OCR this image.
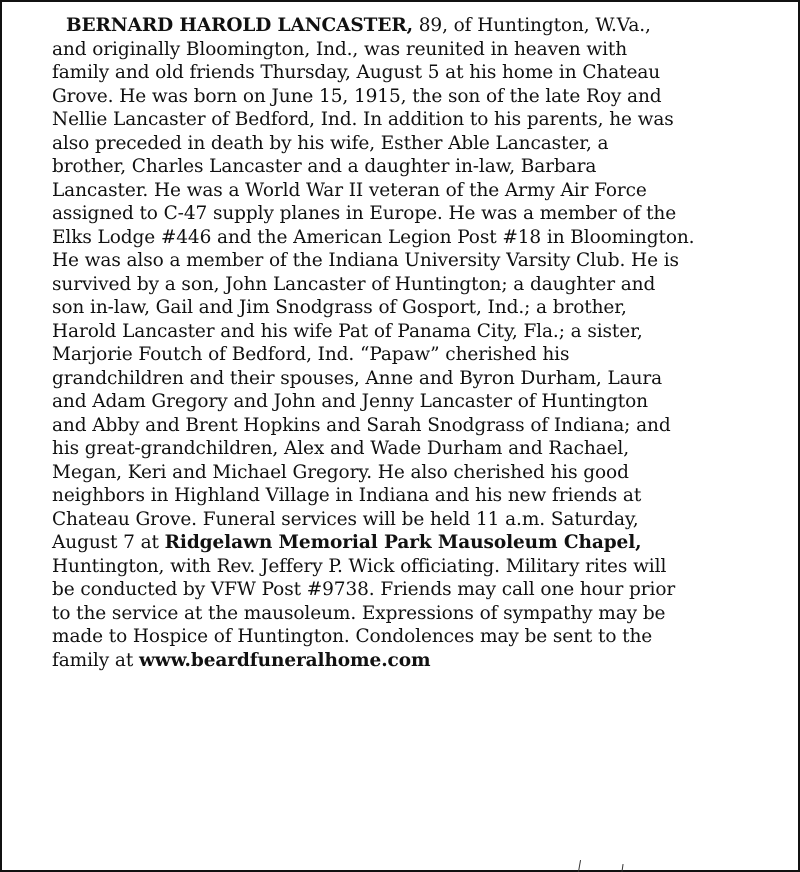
BERNARD HAROLD LANCASTER, 89, of Huntington, W.Va.,
and originally Bloomington, Ind., was reunited in heaven with
family and old friends Thursday, August 5 at his home in Chateau
Grove. He was born on June 15, 1915, the son of the late Roy and
Nellie Lancaster of Bedford, Ind. In addition to his parents, he was
also preceded in death by his wife, Esther Able Lancaster, a
brother, Charles Lancaster and a daughter in-law, Barbara
Lancaster. He was a World War II veteran of the Army Air Force
assigned to C-47 supply planes in Europe. He was a member of the
Elks Lodge #446 and the American Legion Post #18 in Bloomington.
He was also a member of the Indiana University Varsity Club. He is
survived by a son, John Lancaster of Huntington; a daughter and
son in-law, Gail and Jim Snodgrass of Gosport, Ind.; a brother,
Harold Lancaster and his wife Pat of Panama City, Fla.; a sister,
Marjorie Foutch of Bedford, Ind. “Papaw” cherished his
grandchildren and their spouses, Anne and Byron Durham, Laura
and Adam Gregory and John and Jenny Lancaster of Huntington
and Abby and Brent Hopkins and Sarah Snodgrass of Indiana; and
his great-grandchildren, Alex and Wade Durham and Rachael,
Megan, Keri and Michael Gregory. He also cherished his good
neighbors in Highland Village in Indiana and his new friends at
Chateau Grove. Funeral services will be held 11 a.m. Saturday,
August 7 at Ridgelawn Memorial Park Mausoleum Chapel,
Huntington, with Rev. Jeffery P. Wick officiating. Military rites will
be conducted by VFW Post #9738. Friends may call one hour prior
to the service at the mausoleum. Expressions of sympathy may be
made to Hospice of Huntington. Condolences may be sent to the
family at www.beardfuneralhome.com
